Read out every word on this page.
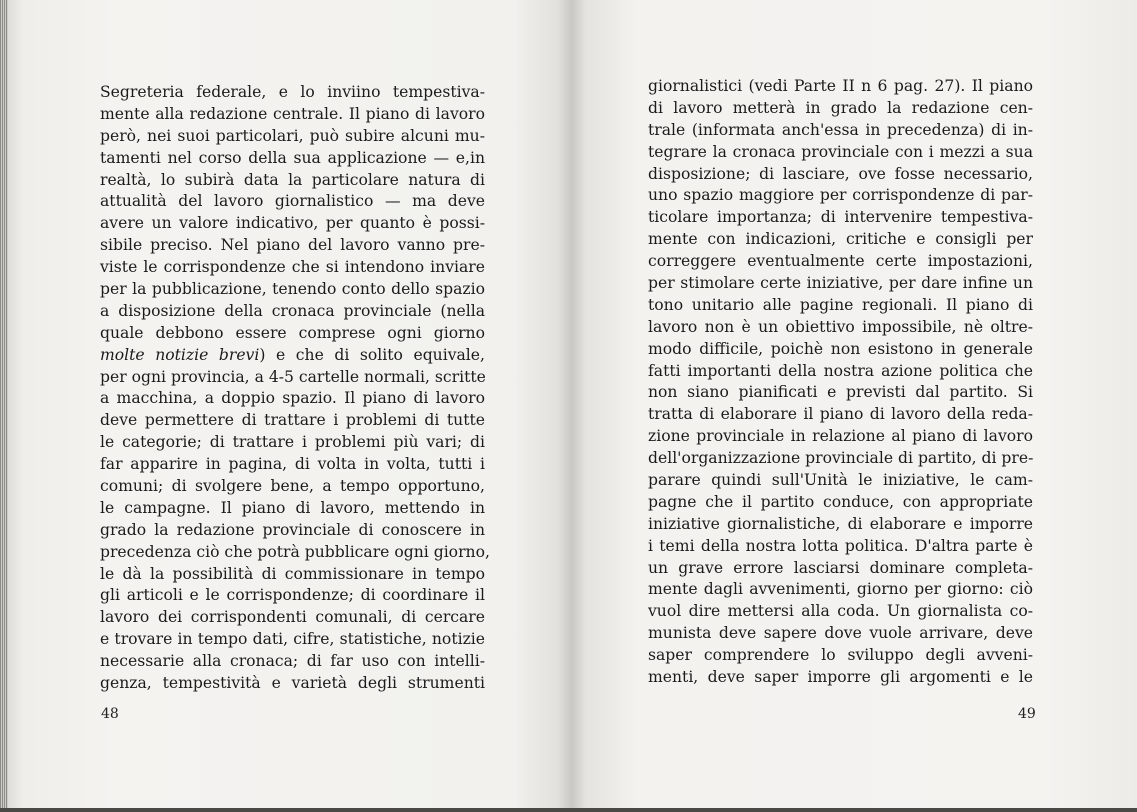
Segreteria federale, e lo inviino tempestiva-
mente alla redazione centrale. Il piano di lavoro
però, nei suoi particolari, può subire alcuni mu-
tamenti nel corso della sua applicazione — e,in
realtà, lo subirà data la particolare natura di
attualità del lavoro giornalistico — ma deve
avere un valore indicativo, per quanto è possi-
sibile preciso. Nel piano del lavoro vanno pre-
viste le corrispondenze che si intendono inviare
per la pubblicazione, tenendo conto dello spazio
a disposizione della cronaca provinciale (nella
quale debbono essere comprese ogni giorno
molte notizie brevi) e che di solito equivale,
per ogni provincia, a 4-5 cartelle normali, scritte
a macchina, a doppio spazio. Il piano di lavoro
deve permettere di trattare i problemi di tutte
le categorie; di trattare i problemi più vari; di
far apparire in pagina, di volta in volta, tutti i
comuni; di svolgere bene, a tempo opportuno,
le campagne. Il piano di lavoro, mettendo in
grado la redazione provinciale di conoscere in
precedenza ciò che potrà pubblicare ogni giorno,
le dà la possibilità di commissionare in tempo
gli articoli e le corrispondenze; di coordinare il
lavoro dei corrispondenti comunali, di cercare
e trovare in tempo dati, cifre, statistiche, notizie
necessarie alla cronaca; di far uso con intelli-
genza, tempestività e varietà degli strumenti
48
giornalistici (vedi Parte II n 6 pag. 27). Il piano
di lavoro metterà in grado la redazione cen-
trale (informata anch'essa in precedenza) di in-
tegrare la cronaca provinciale con i mezzi a sua
disposizione; di lasciare, ove fosse necessario,
uno spazio maggiore per corrispondenze di par-
ticolare importanza; di intervenire tempestiva-
mente con indicazioni, critiche e consigli per
correggere eventualmente certe impostazioni,
per stimolare certe iniziative, per dare infine un
tono unitario alle pagine regionali. Il piano di
lavoro non è un obiettivo impossibile, nè oltre-
modo difficile, poichè non esistono in generale
fatti importanti della nostra azione politica che
non siano pianificati e previsti dal partito. Si
tratta di elaborare il piano di lavoro della reda-
zione provinciale in relazione al piano di lavoro
dell'organizzazione provinciale di partito, di pre-
parare quindi sull'Unità le iniziative, le cam-
pagne che il partito conduce, con appropriate
iniziative giornalistiche, di elaborare e imporre
i temi della nostra lotta politica. D'altra parte è
un grave errore lasciarsi dominare completa-
mente dagli avvenimenti, giorno per giorno: ciò
vuol dire mettersi alla coda. Un giornalista co-
munista deve sapere dove vuole arrivare, deve
saper comprendere lo sviluppo degli avveni-
menti, deve saper imporre gli argomenti e le
49
